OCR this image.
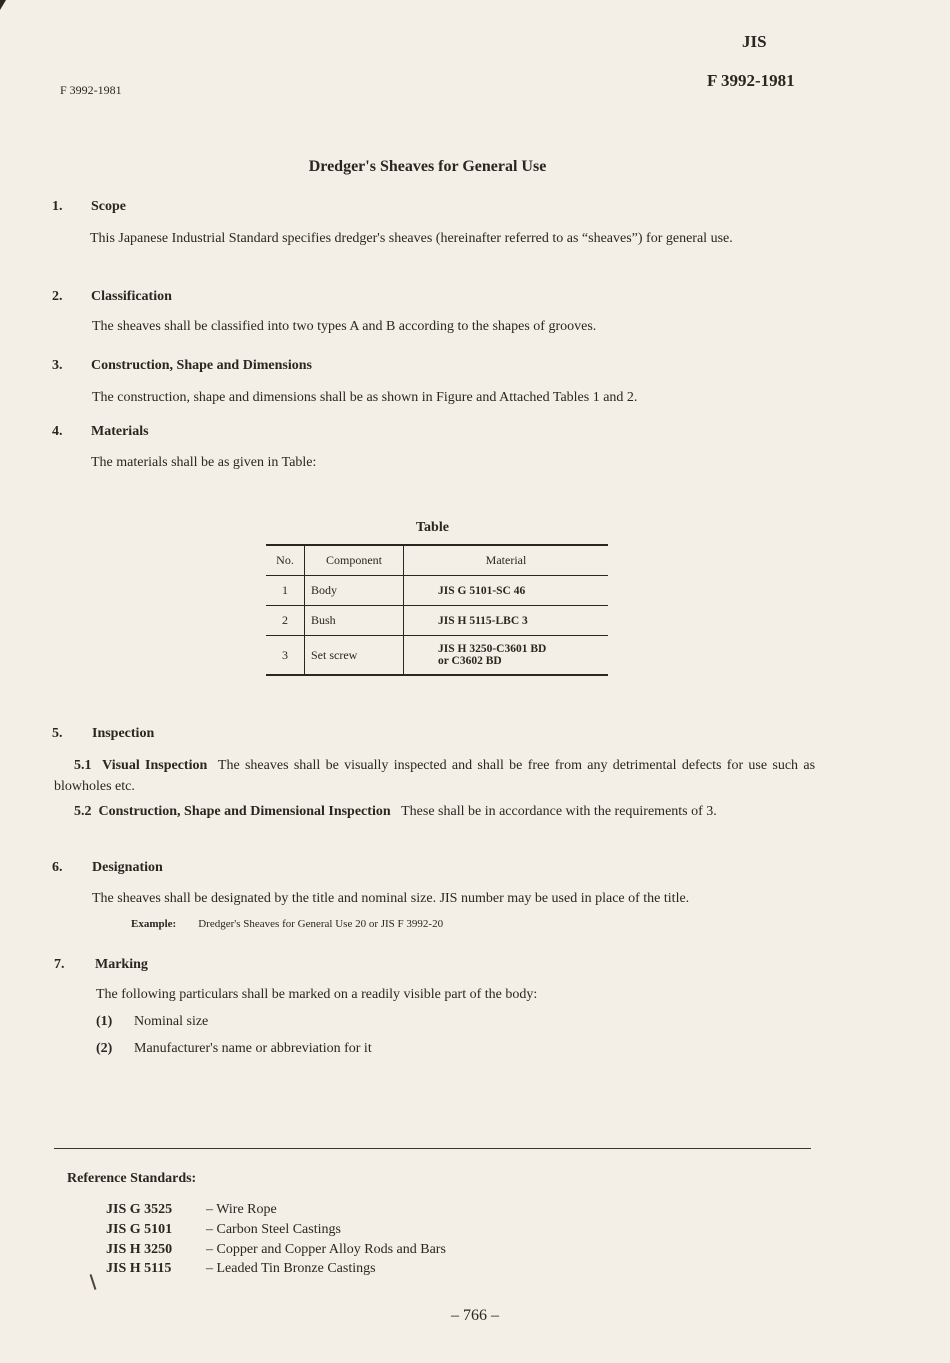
JIS
F 3992-1981
F 3992-1981
Dredger's Sheaves for General Use
1. Scope
This Japanese Industrial Standard specifies dredger's sheaves (hereinafter referred to as “sheaves”) for general use.
2. Classification
The sheaves shall be classified into two types A and B according to the shapes of grooves.
3. Construction, Shape and Dimensions
The construction, shape and dimensions shall be as shown in Figure and Attached Tables 1 and 2.
4. Materials
The materials shall be as given in Table:
Table
No.	Component	Material
1	Body	JIS G 5101-SC 46
2	Bush	JIS H 5115-LBC 3
3	Set screw	JIS H 3250-C3601 BD
or C3602 BD
5. Inspection
5.1 Visual Inspection The sheaves shall be visually inspected and shall be free from any detrimental defects for use such as blowholes etc.
5.2 Construction, Shape and Dimensional Inspection These shall be in accordance with the requirements of 3.
6. Designation
The sheaves shall be designated by the title and nominal size. JIS number may be used in place of the title.
Example: Dredger's Sheaves for General Use 20 or JIS F 3992-20
7. Marking
The following particulars shall be marked on a readily visible part of the body:
(1) Nominal size
(2) Manufacturer's name or abbreviation for it
Reference Standards:
JIS G 3525 – Wire Rope
JIS G 5101 – Carbon Steel Castings
JIS H 3250 – Copper and Copper Alloy Rods and Bars
JIS H 5115 – Leaded Tin Bronze Castings
– 766 –
